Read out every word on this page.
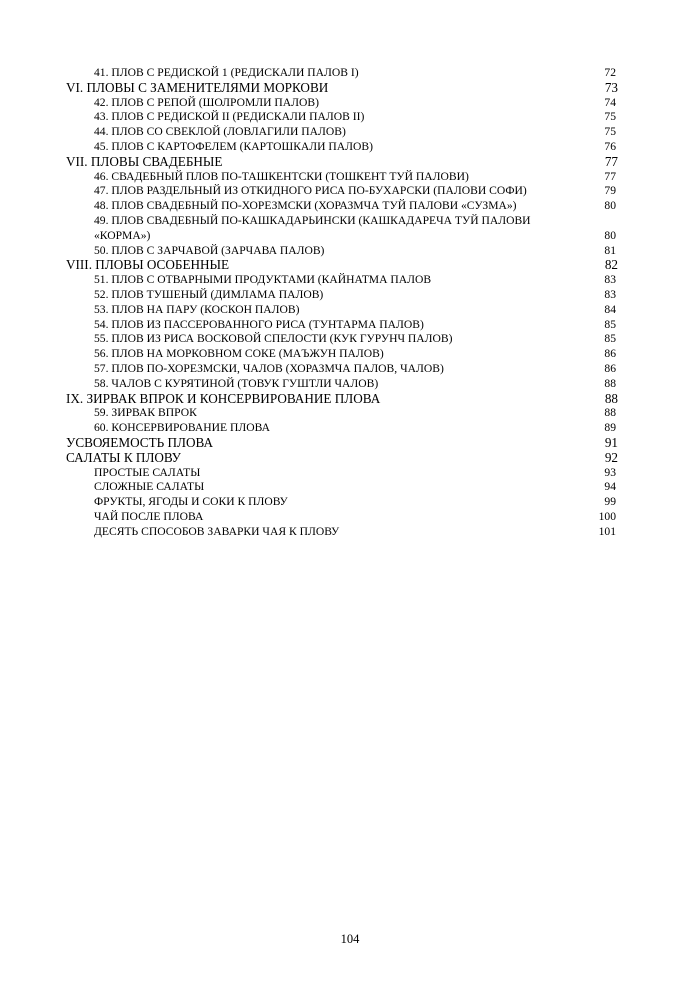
41. ПЛОВ С РЕДИСКОЙ 1 (РЕДИСКАЛИ ПАЛОВ I)	72
VI. ПЛОВЫ С ЗАМЕНИТЕЛЯМИ МОРКОВИ	73
42. ПЛОВ С РЕПОЙ (ШОЛРОМЛИ ПАЛОВ)	74
43. ПЛОВ С РЕДИСКОЙ II (РЕДИСКАЛИ ПАЛОВ II)	75
44. ПЛОВ СО СВЕКЛОЙ (ЛОВЛАГИЛИ ПАЛОВ)	75
45. ПЛОВ С КАРТОФЕЛЕМ (КАРТОШКАЛИ ПАЛОВ)	76
VII. ПЛОВЫ СВАДЕБНЫЕ	77
46. СВАДЕБНЫЙ ПЛОВ ПО-ТАШКЕНТСКИ (ТОШКЕНТ ТУЙ ПАЛОВИ)	77
47. ПЛОВ РАЗДЕЛЬНЫЙ ИЗ ОТКИДНОГО РИСА ПО-БУХАРСКИ (ПАЛОВИ СОФИ)	79
48. ПЛОВ СВАДЕБНЫЙ ПО-ХОРЕЗМСКИ (ХОРАЗМЧА ТУЙ ПАЛОВИ «СУЗМА»)	80
49. ПЛОВ СВАДЕБНЫЙ ПО-КАШКАДАРЬИНСКИ (КАШКАДАРЕЧА ТУЙ ПАЛОВИ «КОРМА»)	80
50. ПЛОВ С ЗАРЧАВОЙ (ЗАРЧАВА ПАЛОВ)	81
VIII. ПЛОВЫ ОСОБЕННЫЕ	82
51. ПЛОВ С ОТВАРНЫМИ ПРОДУКТАМИ (КАЙНАТМА ПАЛОВ	83
52. ПЛОВ ТУШЕНЫЙ (ДИМЛАМА ПАЛОВ)	83
53. ПЛОВ НА ПАРУ (КОСКОН ПАЛОВ)	84
54. ПЛОВ ИЗ ПАССЕРОВАННОГО РИСА (ТУНТАРМА ПАЛОВ)	85
55. ПЛОВ ИЗ РИСА ВОСКОВОЙ СПЕЛОСТИ (КУК ГУРУНЧ ПАЛОВ)	85
56. ПЛОВ НА МОРКОВНОМ СОКЕ (МАЪЖУН ПАЛОВ)	86
57. ПЛОВ ПО-ХОРЕЗМСКИ, ЧАЛОВ (ХОРАЗМЧА ПАЛОВ, ЧАЛОВ)	86
58. ЧАЛОВ С КУРЯТИНОЙ (ТОВУК ГУШТЛИ ЧАЛОВ)	88
IX. ЗИРВАК ВПРОК И КОНСЕРВИРОВАНИЕ ПЛОВА	88
59. ЗИРВАК ВПРОК	88
60. КОНСЕРВИРОВАНИЕ ПЛОВА	89
УСВОЯЕМОСТЬ ПЛОВА	91
САЛАТЫ К ПЛОВУ	92
ПРОСТЫЕ САЛАТЫ	93
СЛОЖНЫЕ САЛАТЫ	94
ФРУКТЫ, ЯГОДЫ И СОКИ К ПЛОВУ	99
ЧАЙ ПОСЛЕ ПЛОВА	100
ДЕСЯТЬ СПОСОБОВ ЗАВАРКИ ЧАЯ К ПЛОВУ	101
104
